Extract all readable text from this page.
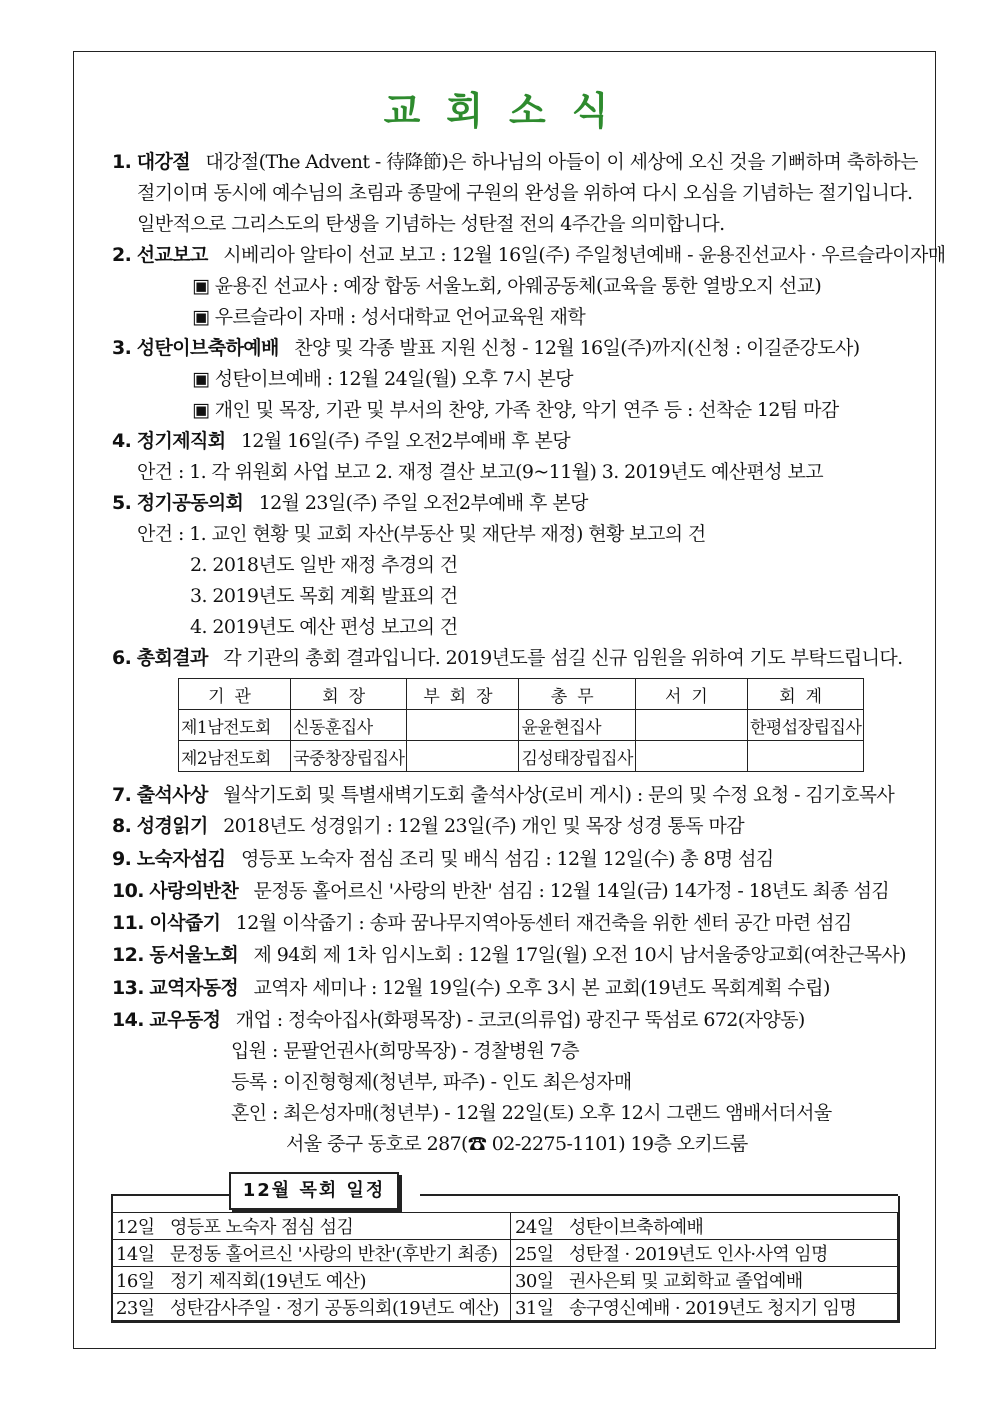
교회소식
1. 대강절 대강절(The Advent - 待降節)은 하나님의 아들이 이 세상에 오신 것을 기뻐하며 축하하는
절기이며 동시에 예수님의 초림과 종말에 구원의 완성을 위하여 다시 오심을 기념하는 절기입니다.
일반적으로 그리스도의 탄생을 기념하는 성탄절 전의 4주간을 의미합니다.
2. 선교보고 시베리아 알타이 선교 보고 : 12월 16일(주) 주일청년예배 - 윤용진선교사 · 우르슬라이자매
▣ 윤용진 선교사 : 예장 합동 서울노회, 아웨공동체(교육을 통한 열방오지 선교)
▣ 우르슬라이 자매 : 성서대학교 언어교육원 재학
3. 성탄이브축하예배 찬양 및 각종 발표 지원 신청 - 12월 16일(주)까지(신청 : 이길준강도사)
▣ 성탄이브예배 : 12월 24일(월) 오후 7시 본당
▣ 개인 및 목장, 기관 및 부서의 찬양, 가족 찬양, 악기 연주 등 : 선착순 12팀 마감
4. 정기제직회 12월 16일(주) 주일 오전2부예배 후 본당
안건 : 1. 각 위원회 사업 보고 2. 재정 결산 보고(9~11월) 3. 2019년도 예산편성 보고
5. 정기공동의회 12월 23일(주) 주일 오전2부예배 후 본당
안건 : 1. 교인 현황 및 교회 자산(부동산 및 재단부 재정) 현황 보고의 건
2. 2018년도 일반 재정 추경의 건
3. 2019년도 목회 계획 발표의 건
4. 2019년도 예산 편성 보고의 건
6. 총회결과 각 기관의 총회 결과입니다. 2019년도를 섬길 신규 임원을 위하여 기도 부탁드립니다.
기관	회장	부회장	총무	서기	회계
제1남전도회	신동훈집사		윤윤현집사		한평섭장립집사
제2남전도회	국중창장립집사		김성태장립집사		
7. 출석사상 월삭기도회 및 특별새벽기도회 출석사상(로비 게시) : 문의 및 수정 요청 - 김기호목사
8. 성경읽기 2018년도 성경읽기 : 12월 23일(주) 개인 및 목장 성경 통독 마감
9. 노숙자섬김 영등포 노숙자 점심 조리 및 배식 섬김 : 12월 12일(수) 총 8명 섬김
10. 사랑의반찬 문정동 홀어르신 '사랑의 반찬' 섬김 : 12월 14일(금) 14가정 - 18년도 최종 섬김
11. 이삭줍기 12월 이삭줍기 : 송파 꿈나무지역아동센터 재건축을 위한 센터 공간 마련 섬김
12. 동서울노회 제 94회 제 1차 임시노회 : 12월 17일(월) 오전 10시 남서울중앙교회(여찬근목사)
13. 교역자동정 교역자 세미나 : 12월 19일(수) 오후 3시 본 교회(19년도 목회계획 수립)
14. 교우동정 개업 : 정숙아집사(화평목장) - 코코(의류업) 광진구 뚝섬로 672(자양동)
입원 : 문팔언권사(희망목장) - 경찰병원 7층
등록 : 이진형형제(청년부, 파주) - 인도 최은성자매
혼인 : 최은성자매(청년부) - 12월 22일(토) 오후 12시 그랜드 앰배서더서울
서울 중구 동호로 287(☎ 02-2275-1101) 19층 오키드룸
12월 목회 일정
12일 영등포 노숙자 점심 섬김	24일 성탄이브축하예배
14일 문정동 홀어르신 '사랑의 반찬'(후반기 최종)	25일 성탄절 · 2019년도 인사·사역 임명
16일 정기 제직회(19년도 예산)	30일 권사은퇴 및 교회학교 졸업예배
23일 성탄감사주일 · 정기 공동의회(19년도 예산)	31일 송구영신예배 · 2019년도 청지기 임명
